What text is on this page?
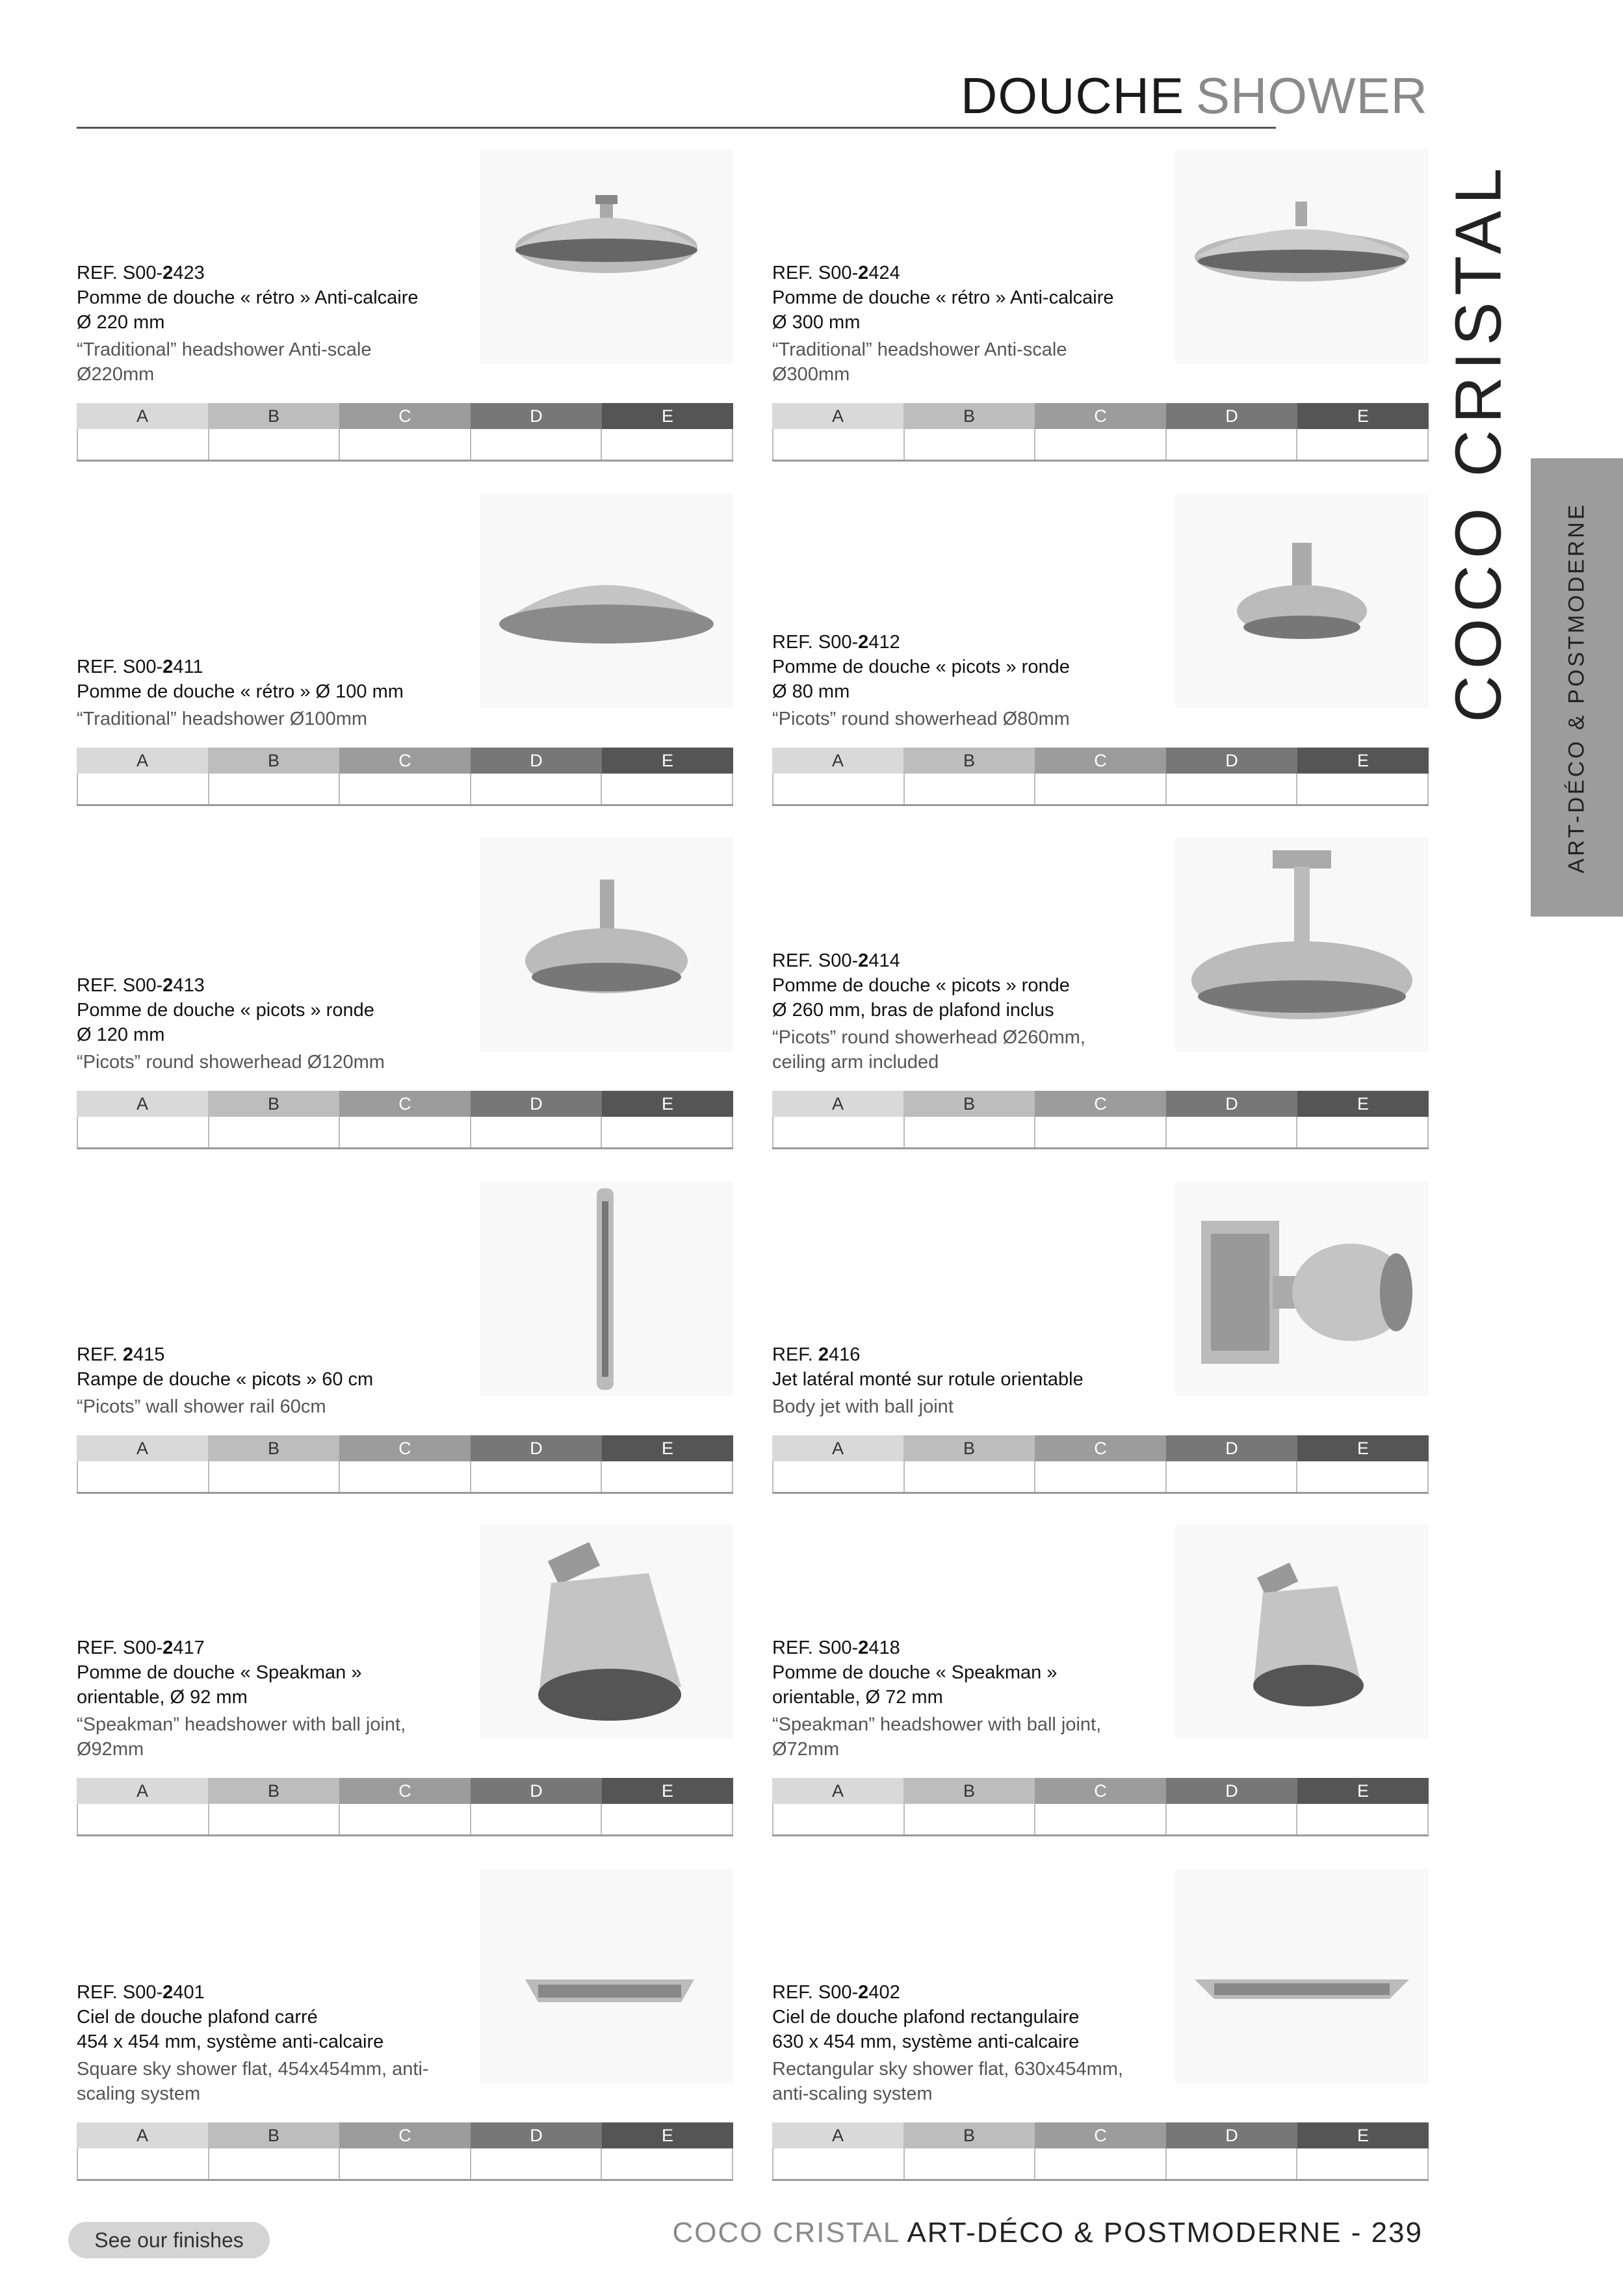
DOUCHE SHOWER
COCO CRISTAL ART-DÉCO & POSTMODERNE
REF. S00-2423
Pomme de douche « rétro » Anti-calcaire
Ø 220 mm
“Traditional” headshower Anti-scale
Ø220mm
A	B	C	D	E
REF. S00-2424
Pomme de douche « rétro » Anti-calcaire
Ø 300 mm
“Traditional” headshower Anti-scale
Ø300mm
A	B	C	D	E
REF. S00-2411
Pomme de douche « rétro » Ø 100 mm
“Traditional” headshower Ø100mm
A	B	C	D	E
REF. S00-2412
Pomme de douche « picots » ronde
Ø 80 mm
“Picots” round showerhead Ø80mm
A	B	C	D	E
REF. S00-2413
Pomme de douche « picots » ronde
Ø 120 mm
“Picots” round showerhead Ø120mm
A	B	C	D	E
REF. S00-2414
Pomme de douche « picots » ronde
Ø 260 mm, bras de plafond inclus
“Picots” round showerhead Ø260mm,
ceiling arm included
A	B	C	D	E
REF. 2415
Rampe de douche « picots » 60 cm
“Picots” wall shower rail 60cm
A	B	C	D	E
REF. 2416
Jet latéral monté sur rotule orientable
Body jet with ball joint
A	B	C	D	E
REF. S00-2417
Pomme de douche « Speakman »
orientable, Ø 92 mm
“Speakman” headshower with ball joint,
Ø92mm
A	B	C	D	E
REF. S00-2418
Pomme de douche « Speakman »
orientable, Ø 72 mm
“Speakman” headshower with ball joint,
Ø72mm
A	B	C	D	E
REF. S00-2401
Ciel de douche plafond carré
454 x 454 mm, système anti-calcaire
Square sky shower flat, 454x454mm, anti-
scaling system
A	B	C	D	E
REF. S00-2402
Ciel de douche plafond rectangulaire
630 x 454 mm, système anti-calcaire
Rectangular sky shower flat, 630x454mm,
anti-scaling system
A	B	C	D	E
See our finishes	COCO CRISTAL ART-DÉCO & POSTMODERNE - 239
